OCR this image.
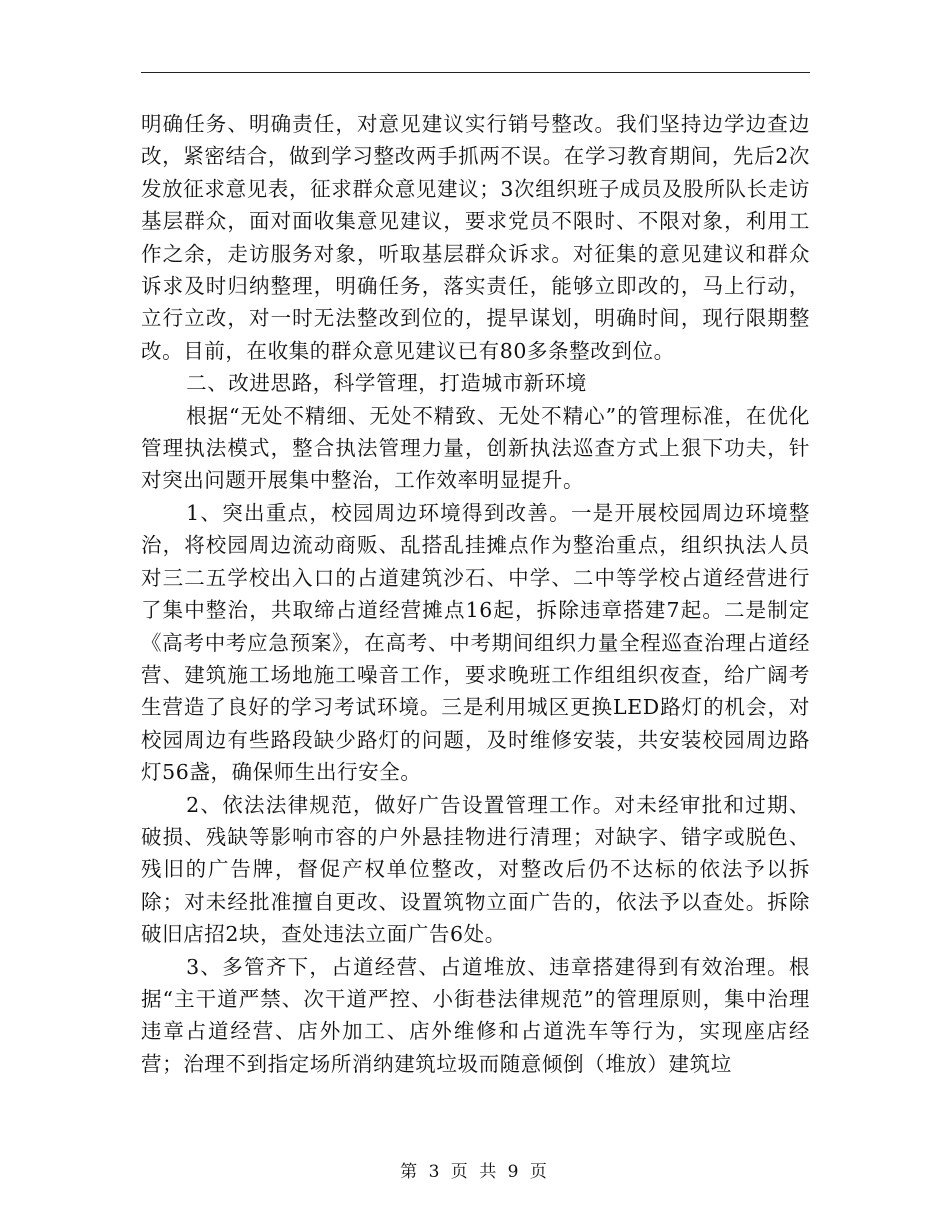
明确任务、明确责任，对意见建议实行销号整改。我们坚持边学边查边改，紧密结合，做到学习整改两手抓两不误。在学习教育期间，先后2次发放征求意见表，征求群众意见建议；3次组织班子成员及股所队长走访基层群众，面对面收集意见建议，要求党员不限时、不限对象，利用工作之余，走访服务对象，听取基层群众诉求。对征集的意见建议和群众诉求及时归纳整理，明确任务，落实责任，能够立即改的，马上行动，立行立改，对一时无法整改到位的，提早谋划，明确时间，现行限期整改。目前，在收集的群众意见建议已有80多条整改到位。

二、改进思路，科学管理，打造城市新环境

根据“无处不精细、无处不精致、无处不精心”的管理标准，在优化管理执法模式，整合执法管理力量，创新执法巡查方式上狠下功夫，针对突出问题开展集中整治，工作效率明显提升。

1、突出重点，校园周边环境得到改善。一是开展校园周边环境整治，将校园周边流动商贩、乱搭乱挂摊点作为整治重点，组织执法人员对三二五学校出入口的占道建筑沙石、中学、二中等学校占道经营进行了集中整治，共取缔占道经营摊点16起，拆除违章搭建7起。二是制定《高考中考应急预案》，在高考、中考期间组织力量全程巡查治理占道经营、建筑施工场地施工噪音工作，要求晚班工作组组织夜查，给广阔考生营造了良好的学习考试环境。三是利用城区更换LED路灯的机会，对校园周边有些路段缺少路灯的问题，及时维修安装，共安装校园周边路灯56盏，确保师生出行安全。

2、依法法律规范，做好广告设置管理工作。对未经审批和过期、破损、残缺等影响市容的户外悬挂物进行清理；对缺字、错字或脱色、残旧的广告牌，督促产权单位整改，对整改后仍不达标的依法予以拆除；对未经批准擅自更改、设置筑物立面广告的，依法予以查处。拆除破旧店招2块，查处违法立面广告6处。

3、多管齐下，占道经营、占道堆放、违章搭建得到有效治理。根据“主干道严禁、次干道严控、小街巷法律规范”的管理原则，集中治理违章占道经营、店外加工、店外维修和占道洗车等行为，实现座店经营；治理不到指定场所消纳建筑垃圾而随意倾倒（堆放）建筑垃

第 3 页 共 9 页
